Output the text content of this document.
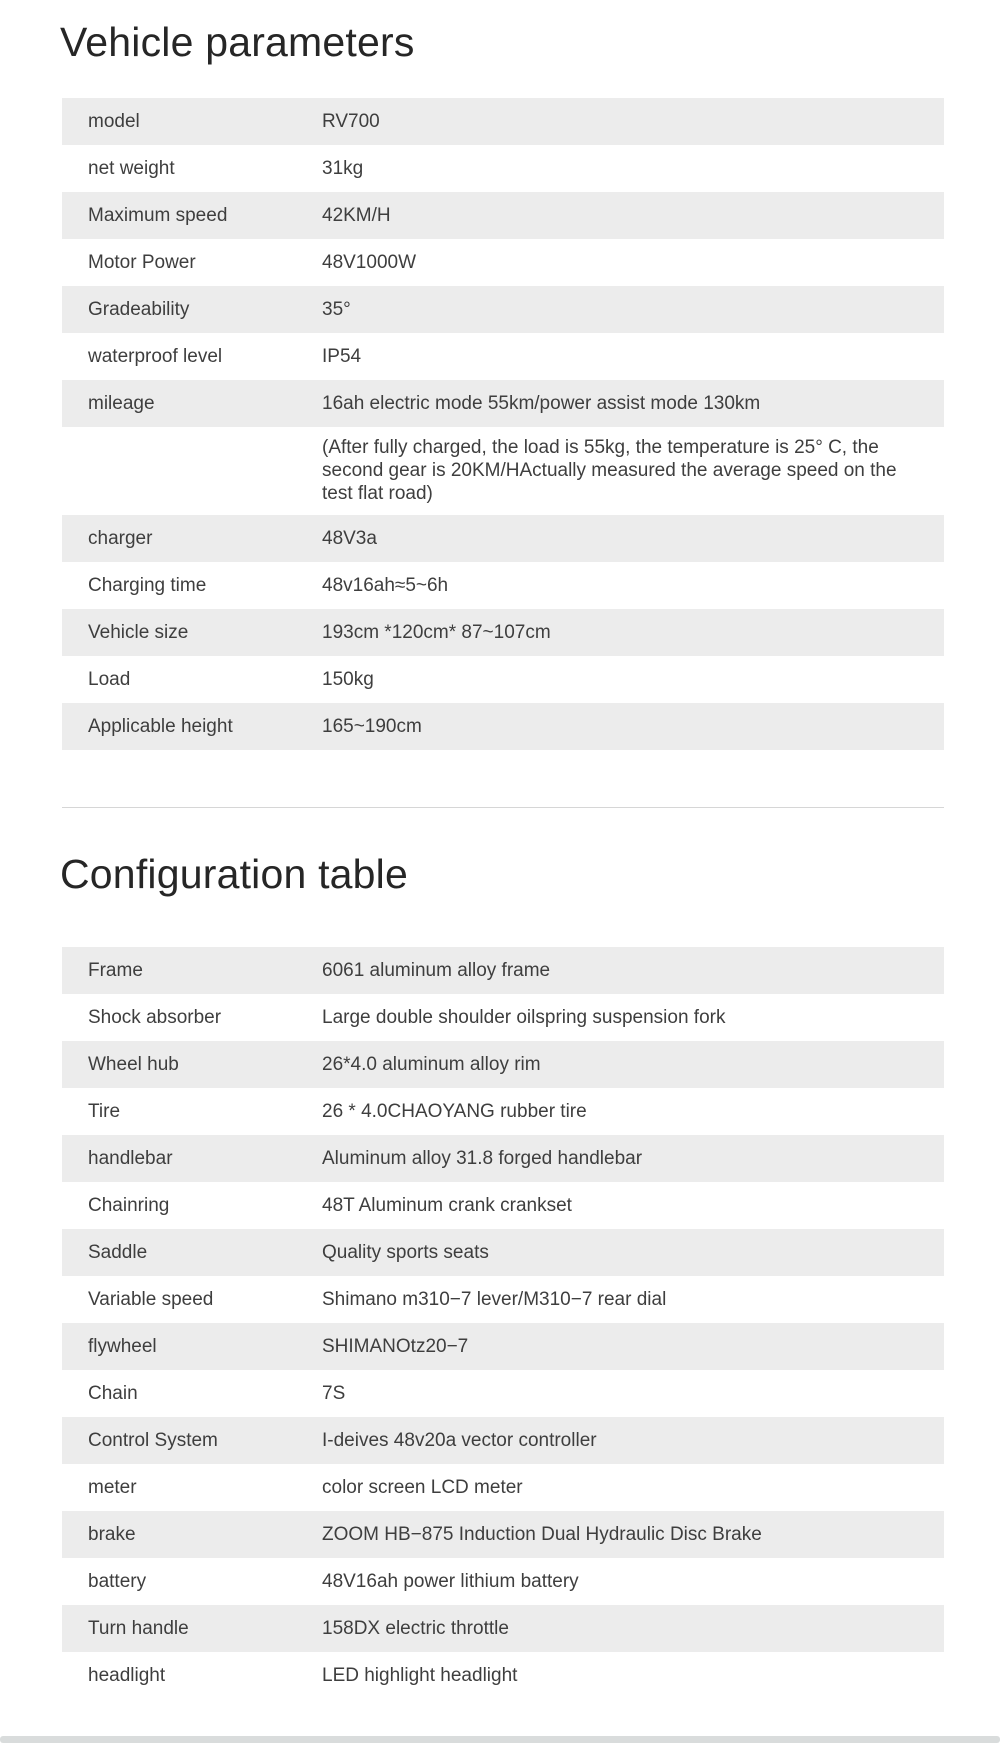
Vehicle parameters
model	RV700
net weight	31kg
Maximum speed	42KM/H
Motor Power	48V1000W
Gradeability	35°
waterproof level	IP54
mileage	16ah electric mode 55km/power assist mode 130km
(After fully charged, the load is 55kg, the temperature is 25° C, the second gear is 20KM/HActually measured the average speed on the test flat road)
charger	48V3a
Charging time	48v16ah≈5~6h
Vehicle size	193cm *120cm* 87~107cm
Load	150kg
Applicable height	165~190cm
Configuration table
Frame	6061 aluminum alloy frame
Shock absorber	Large double shoulder oilspring suspension fork
Wheel hub	26*4.0 aluminum alloy rim
Tire	26 * 4.0CHAOYANG rubber tire
handlebar	Aluminum alloy 31.8 forged handlebar
Chainring	48T Aluminum crank crankset
Saddle	Quality sports seats
Variable speed	Shimano m310−7 lever/M310−7 rear dial
flywheel	SHIMANOtz20−7
Chain	7S
Control System	I-deives 48v20a vector controller
meter	color screen LCD meter
brake	ZOOM HB−875 Induction Dual Hydraulic Disc Brake
battery	48V16ah power lithium battery
Turn handle	158DX electric throttle
headlight	LED highlight headlight
